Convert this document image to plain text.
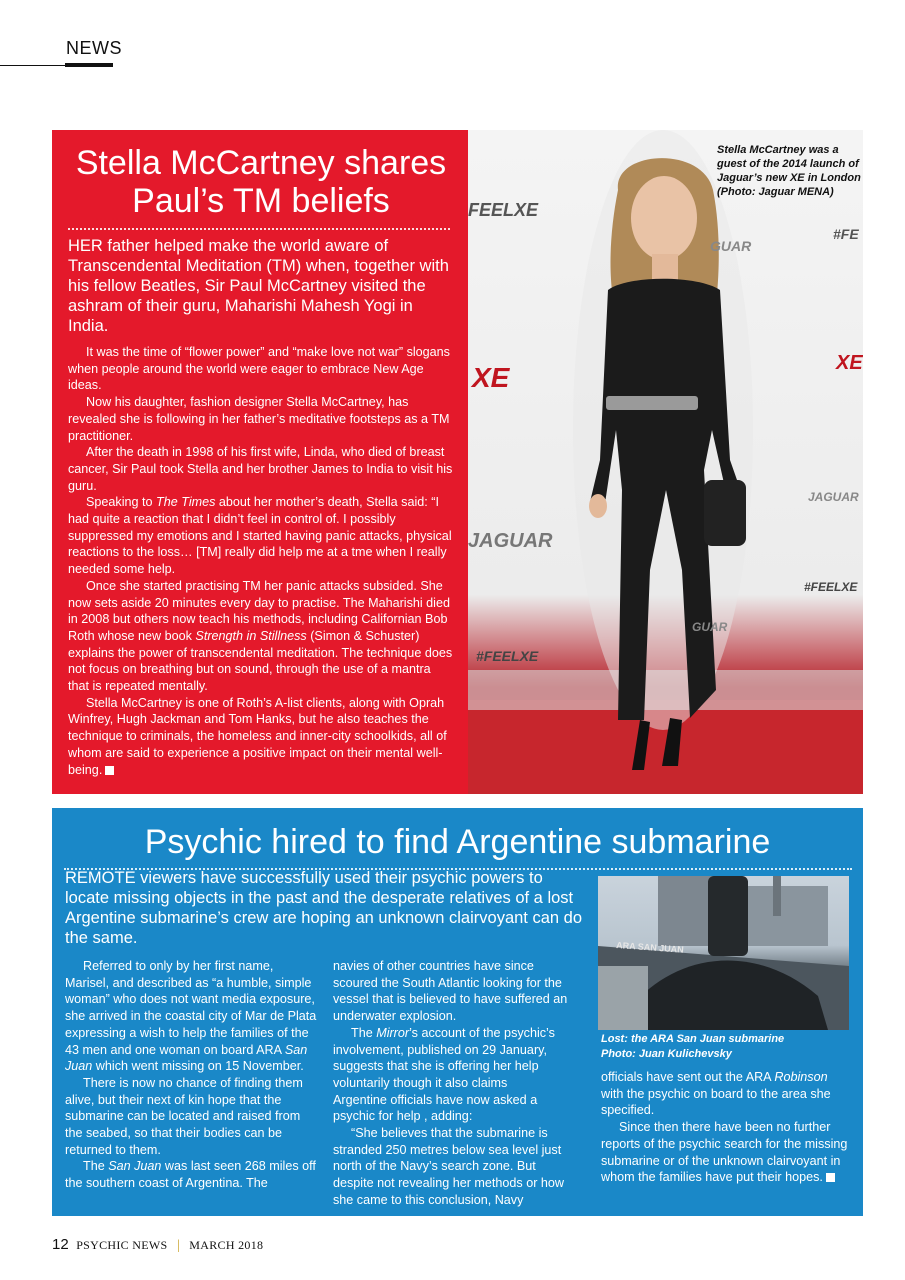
NEWS
Stella McCartney shares Paul’s TM beliefs
HER father helped make the world aware of Transcendental Meditation (TM) when, together with his fellow Beatles, Sir Paul McCartney visited the ashram of their guru, Maharishi Mahesh Yogi in India.

It was the time of “flower power” and “make love not war” slogans when people around the world were eager to embrace New Age ideas.

Now his daughter, fashion designer Stella McCartney, has revealed she is following in her father’s meditative footsteps as a TM practitioner.

After the death in 1998 of his first wife, Linda, who died of breast cancer, Sir Paul took Stella and her brother James to India to visit his guru.

Speaking to The Times about her mother’s death, Stella said: “I had quite a reaction that I didn’t feel in control of. I possibly suppressed my emotions and I started having panic attacks, physical reactions to the loss… [TM] really did help me at a tme when I really needed some help.

Once she started practising TM her panic attacks subsided. She now sets aside 20 minutes every day to practise. The Maharishi died in 2008 but others now teach his methods, including Californian Bob Roth whose new book Strength in Stillness (Simon & Schuster) explains the power of transcendental meditation. The technique does not focus on breathing but on sound, through the use of a mantra that is repeated mentally.

Stella McCartney is one of Roth’s A-list clients, along with Oprah Winfrey, Hugh Jackman and Tom Hanks, but he also teaches the technique to criminals, the homeless and inner-city schoolkids, all of whom are said to experience a positive impact on their mental well-being.

FEELXE
#FE
GUAR
XE	XE
JAGUAR
JAGUAR
#FEELXE
#FEELXE
GUAR
Stella McCartney was a guest of the 2014 launch of Jaguar’s new XE in London (Photo: Jaguar MENA)
Psychic hired to find Argentine submarine
REMOTE viewers have successfully used their psychic powers to locate missing objects in the past and the desperate relatives of a lost Argentine submarine’s crew are hoping an unknown clairvoyant can do the same.

Referred to only by her first name, Marisel, and described as “a humble, simple woman” who does not want media exposure, she arrived in the coastal city of Mar de Plata expressing a wish to help the families of the 43 men and one woman on board ARA San Juan which went missing on 15 November.

There is now no chance of finding them alive, but their next of kin hope that the submarine can be located and raised from the seabed, so that their bodies can be returned to them.

The San Juan was last seen 268 miles off the southern coast of Argentina. The

navies of other countries have since scoured the South Atlantic looking for the vessel that is believed to have suffered an underwater explosion.

The Mirror’s account of the psychic’s involvement, published on 29 January, suggests that she is offering her help voluntarily though it also claims

Argentine officials have now asked a psychic for help , adding:

“She believes that the submarine is stranded 250 metres below sea level just north of the Navy’s search zone. But despite not revealing her methods or how she came to this conclusion, Navy

ARA SAN JUAN
Lost: the ARA San Juan submarine
Photo: Juan Kulichevsky

officials have sent out the ARA Robinson with the psychic on board to the area she specified.

Since then there have been no further reports of the psychic search for the missing submarine or of the unknown clairvoyant in whom the families have put their hopes.

12 PSYCHIC NEWS | MARCH 2018
